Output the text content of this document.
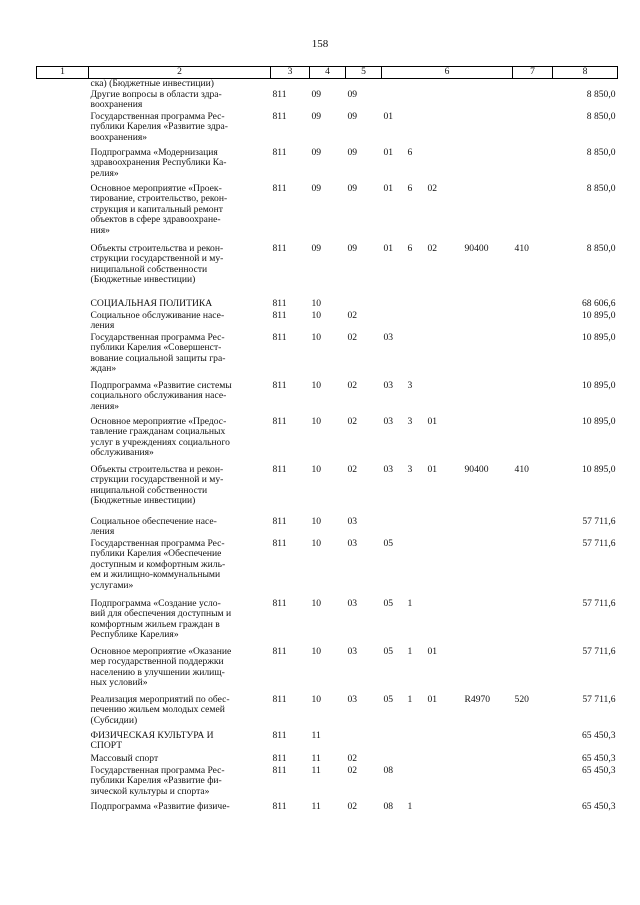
158
1	2	3	4	5	6				7	8
	ска) (Бюджетные инвестиции)									
	Другие вопросы в области здра-
воохранения	811	09	09						8 850,0
	Государственная программа Рес-
публики Карелия «Развитие здра-
воохранения»	811	09	09	01					8 850,0
	Подпрограмма «Модернизация
здравоохранения Республики Ка-
релия»	811	09	09	01	6				8 850,0
	Основное мероприятие «Проек-
тирование, строительство, рекон-
струкция и капитальный ремонт
объектов в сфере здравоохране-
ния»	811	09	09	01	6	02			8 850,0
	Объекты строительства и рекон-
струкции государственной и му-
ниципальной собственности
(Бюджетные инвестиции)	811	09	09	01	6	02	90400	410	8 850,0
	СОЦИАЛЬНАЯ ПОЛИТИКА	811	10							68 606,6
	Социальное обслуживание насе-
ления	811	10	02						10 895,0
	Государственная программа Рес-
публики Карелия «Совершенст-
вование социальной защиты гра-
ждан»	811	10	02	03					10 895,0
	Подпрограмма «Развитие системы
социального обслуживания насе-
ления»	811	10	02	03	3				10 895,0
	Основное мероприятие «Предос-
тавление гражданам социальных
услуг в учреждениях социального
обслуживания»	811	10	02	03	3	01			10 895,0
	Объекты строительства и рекон-
струкции государственной и му-
ниципальной собственности
(Бюджетные инвестиции)	811	10	02	03	3	01	90400	410	10 895,0
	Социальное обеспечение насе-
ления	811	10	03						57 711,6
	Государственная программа Рес-
публики Карелия «Обеспечение
доступным и комфортным жиль-
ем и жилищно-коммунальными
услугами»	811	10	03	05					57 711,6
	Подпрограмма «Создание усло-
вий для обеспечения доступным и
комфортным жильем граждан в
Республике Карелия»	811	10	03	05	1				57 711,6
	Основное мероприятие «Оказание
мер государственной поддержки
населению в улучшении жилищ-
ных условий»	811	10	03	05	1	01			57 711,6
	Реализация мероприятий по обес-
печению жильем молодых семей
(Субсидии)	811	10	03	05	1	01	R4970	520	57 711,6
	ФИЗИЧЕСКАЯ КУЛЬТУРА И
СПОРТ	811	11							65 450,3
	Массовый спорт	811	11	02						65 450,3
	Государственная программа Рес-
публики Карелия «Развитие фи-
зической культуры и спорта»	811	11	02	08					65 450,3
	Подпрограмма «Развитие физиче-	811	11	02	08	1				65 450,3
